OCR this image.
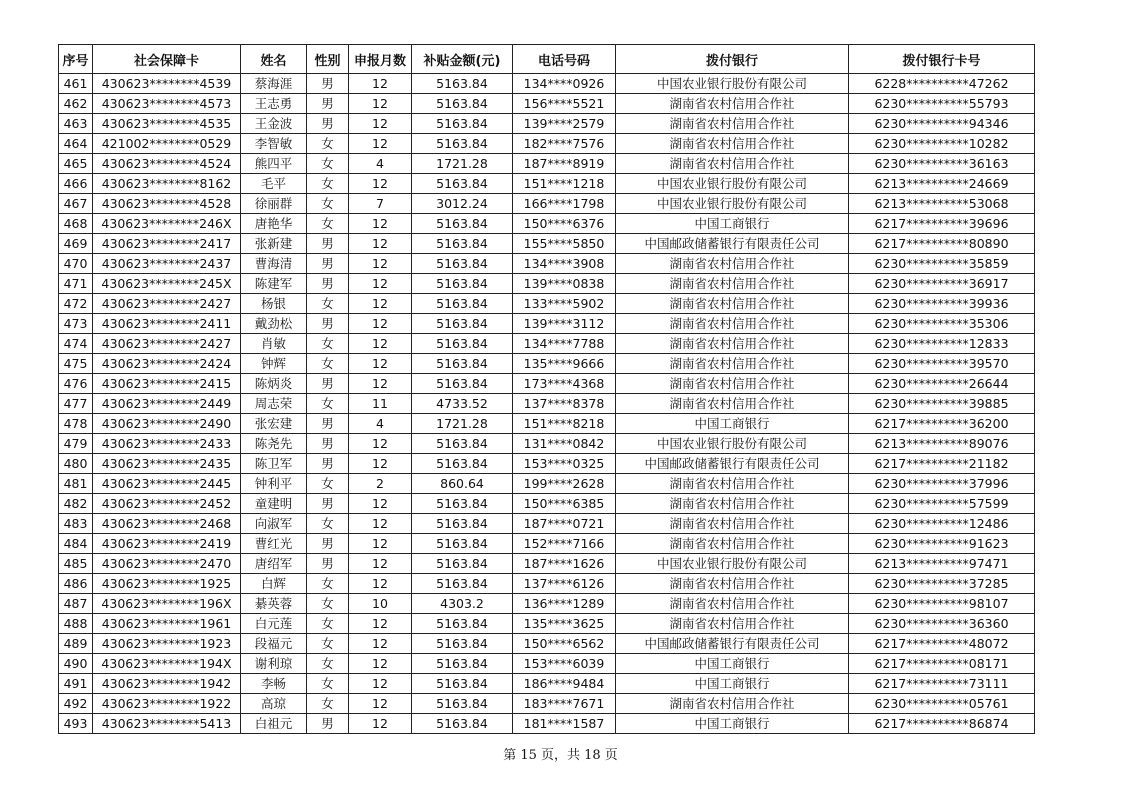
序号	社会保障卡	姓名	性别	申报月数	补贴金额(元)	电话号码	拨付银行	拨付银行卡号
461	430623********4539	蔡海涯	男	12	5163.84	134****0926	中国农业银行股份有限公司	6228**********47262
462	430623********4573	王志勇	男	12	5163.84	156****5521	湖南省农村信用合作社	6230**********55793
463	430623********4535	王金波	男	12	5163.84	139****2579	湖南省农村信用合作社	6230**********94346
464	421002********0529	李智敏	女	12	5163.84	182****7576	湖南省农村信用合作社	6230**********10282
465	430623********4524	熊四平	女	4	1721.28	187****8919	湖南省农村信用合作社	6230**********36163
466	430623********8162	毛平	女	12	5163.84	151****1218	中国农业银行股份有限公司	6213**********24669
467	430623********4528	徐丽群	女	7	3012.24	166****1798	中国农业银行股份有限公司	6213**********53068
468	430623********246X	唐艳华	女	12	5163.84	150****6376	中国工商银行	6217**********39696
469	430623********2417	张新建	男	12	5163.84	155****5850	中国邮政储蓄银行有限责任公司	6217**********80890
470	430623********2437	曹海清	男	12	5163.84	134****3908	湖南省农村信用合作社	6230**********35859
471	430623********245X	陈建军	男	12	5163.84	139****0838	湖南省农村信用合作社	6230**********36917
472	430623********2427	杨银	女	12	5163.84	133****5902	湖南省农村信用合作社	6230**********39936
473	430623********2411	戴劲松	男	12	5163.84	139****3112	湖南省农村信用合作社	6230**********35306
474	430623********2427	肖敏	女	12	5163.84	134****7788	湖南省农村信用合作社	6230**********12833
475	430623********2424	钟辉	女	12	5163.84	135****9666	湖南省农村信用合作社	6230**********39570
476	430623********2415	陈炳炎	男	12	5163.84	173****4368	湖南省农村信用合作社	6230**********26644
477	430623********2449	周志荣	女	11	4733.52	137****8378	湖南省农村信用合作社	6230**********39885
478	430623********2490	张宏建	男	4	1721.28	151****8218	中国工商银行	6217**********36200
479	430623********2433	陈尧先	男	12	5163.84	131****0842	中国农业银行股份有限公司	6213**********89076
480	430623********2435	陈卫军	男	12	5163.84	153****0325	中国邮政储蓄银行有限责任公司	6217**********21182
481	430623********2445	钟利平	女	2	860.64	199****2628	湖南省农村信用合作社	6230**********37996
482	430623********2452	童建明	男	12	5163.84	150****6385	湖南省农村信用合作社	6230**********57599
483	430623********2468	向淑军	女	12	5163.84	187****0721	湖南省农村信用合作社	6230**********12486
484	430623********2419	曹红光	男	12	5163.84	152****7166	湖南省农村信用合作社	6230**********91623
485	430623********2470	唐绍军	男	12	5163.84	187****1626	中国农业银行股份有限公司	6213**********97471
486	430623********1925	白辉	女	12	5163.84	137****6126	湖南省农村信用合作社	6230**********37285
487	430623********196X	綦英蓉	女	10	4303.2	136****1289	湖南省农村信用合作社	6230**********98107
488	430623********1961	白元莲	女	12	5163.84	135****3625	湖南省农村信用合作社	6230**********36360
489	430623********1923	段福元	女	12	5163.84	150****6562	中国邮政储蓄银行有限责任公司	6217**********48072
490	430623********194X	谢利琼	女	12	5163.84	153****6039	中国工商银行	6217**********08171
491	430623********1942	李畅	女	12	5163.84	186****9484	中国工商银行	6217**********73111
492	430623********1922	高琼	女	12	5163.84	183****7671	湖南省农村信用合作社	6230**********05761
493	430623********5413	白祖元	男	12	5163.84	181****1587	中国工商银行	6217**********86874
第 15 页，共 18 页
